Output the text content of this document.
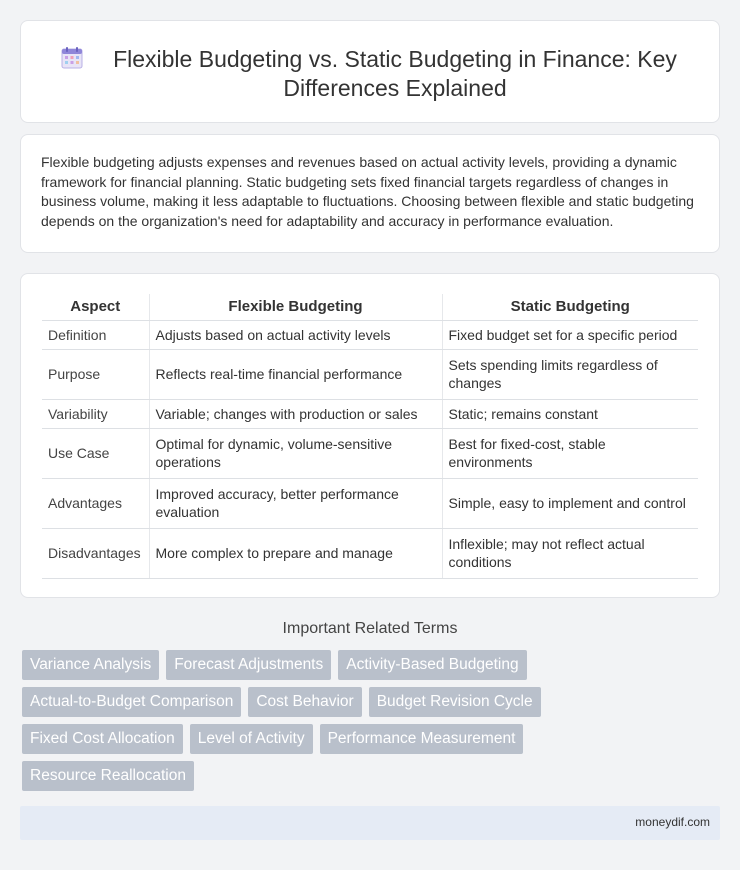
Flexible Budgeting vs. Static Budgeting in Finance: Key Differences Explained

Flexible budgeting adjusts expenses and revenues based on actual activity levels, providing a dynamic framework for financial planning. Static budgeting sets fixed financial targets regardless of changes in business volume, making it less adaptable to fluctuations. Choosing between flexible and static budgeting depends on the organization's need for adaptability and accuracy in performance evaluation.

Aspect	Flexible Budgeting	Static Budgeting
Definition	Adjusts based on actual activity levels	Fixed budget set for a specific period
Purpose	Reflects real-time financial performance	Sets spending limits regardless of changes
Variability	Variable; changes with production or sales	Static; remains constant
Use Case	Optimal for dynamic, volume-sensitive operations	Best for fixed-cost, stable environments
Advantages	Improved accuracy, better performance evaluation	Simple, easy to implement and control
Disadvantages	More complex to prepare and manage	Inflexible; may not reflect actual conditions
Important Related Terms
Variance Analysis	Forecast Adjustments	Activity-Based Budgeting
Actual-to-Budget Comparison	Cost Behavior	Budget Revision Cycle
Fixed Cost Allocation	Level of Activity	Performance Measurement
Resource Reallocation
moneydif.com
